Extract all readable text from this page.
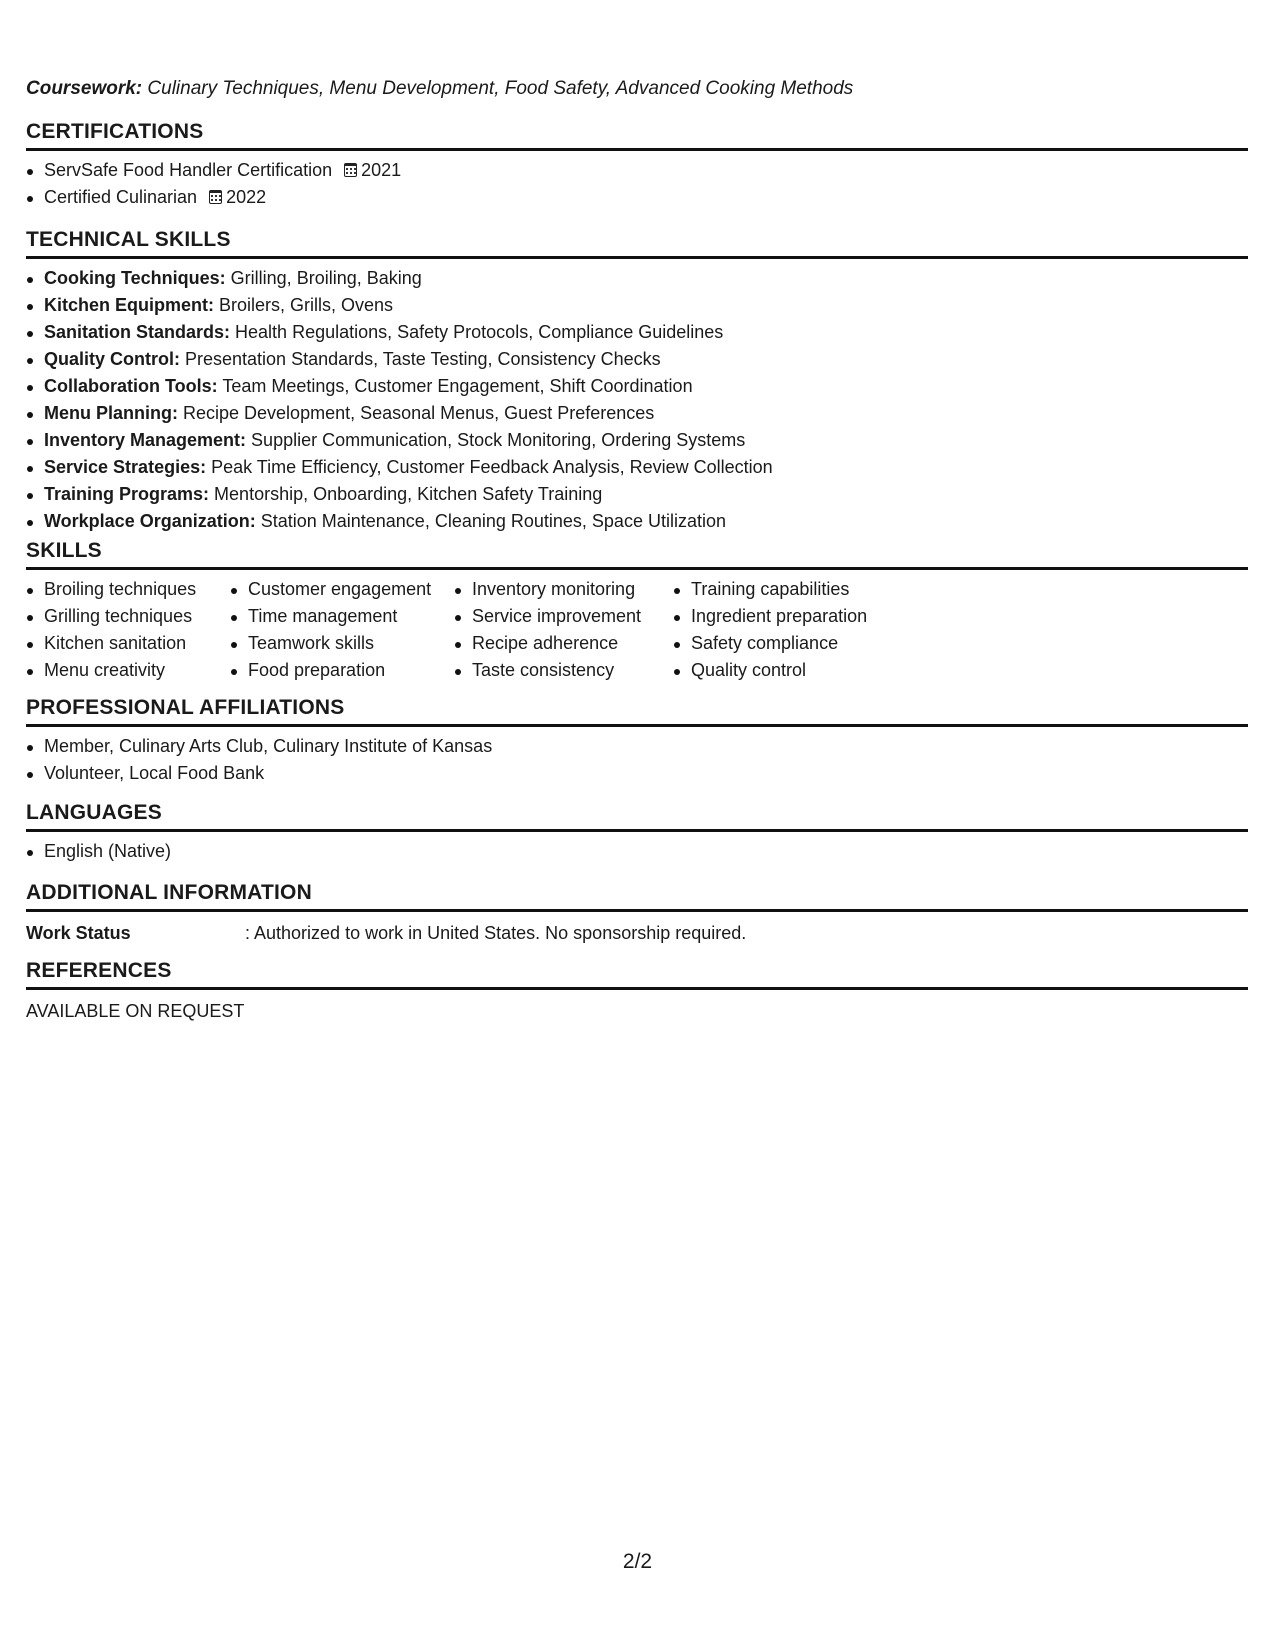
Coursework: Culinary Techniques, Menu Development, Food Safety, Advanced Cooking Methods
CERTIFICATIONS
ServSafe Food Handler Certification 2021
Certified Culinarian 2022
TECHNICAL SKILLS
Cooking Techniques: Grilling, Broiling, Baking
Kitchen Equipment: Broilers, Grills, Ovens
Sanitation Standards: Health Regulations, Safety Protocols, Compliance Guidelines
Quality Control: Presentation Standards, Taste Testing, Consistency Checks
Collaboration Tools: Team Meetings, Customer Engagement, Shift Coordination
Menu Planning: Recipe Development, Seasonal Menus, Guest Preferences
Inventory Management: Supplier Communication, Stock Monitoring, Ordering Systems
Service Strategies: Peak Time Efficiency, Customer Feedback Analysis, Review Collection
Training Programs: Mentorship, Onboarding, Kitchen Safety Training
Workplace Organization: Station Maintenance, Cleaning Routines, Space Utilization
SKILLS
Broiling techniques
Grilling techniques
Kitchen sanitation
Menu creativity
Customer engagement
Time management
Teamwork skills
Food preparation
Inventory monitoring
Service improvement
Recipe adherence
Taste consistency
Training capabilities
Ingredient preparation
Safety compliance
Quality control
PROFESSIONAL AFFILIATIONS
Member, Culinary Arts Club, Culinary Institute of Kansas
Volunteer, Local Food Bank
LANGUAGES
English (Native)
ADDITIONAL INFORMATION
Work Status	: Authorized to work in United States. No sponsorship required.
REFERENCES
AVAILABLE ON REQUEST
2/2
